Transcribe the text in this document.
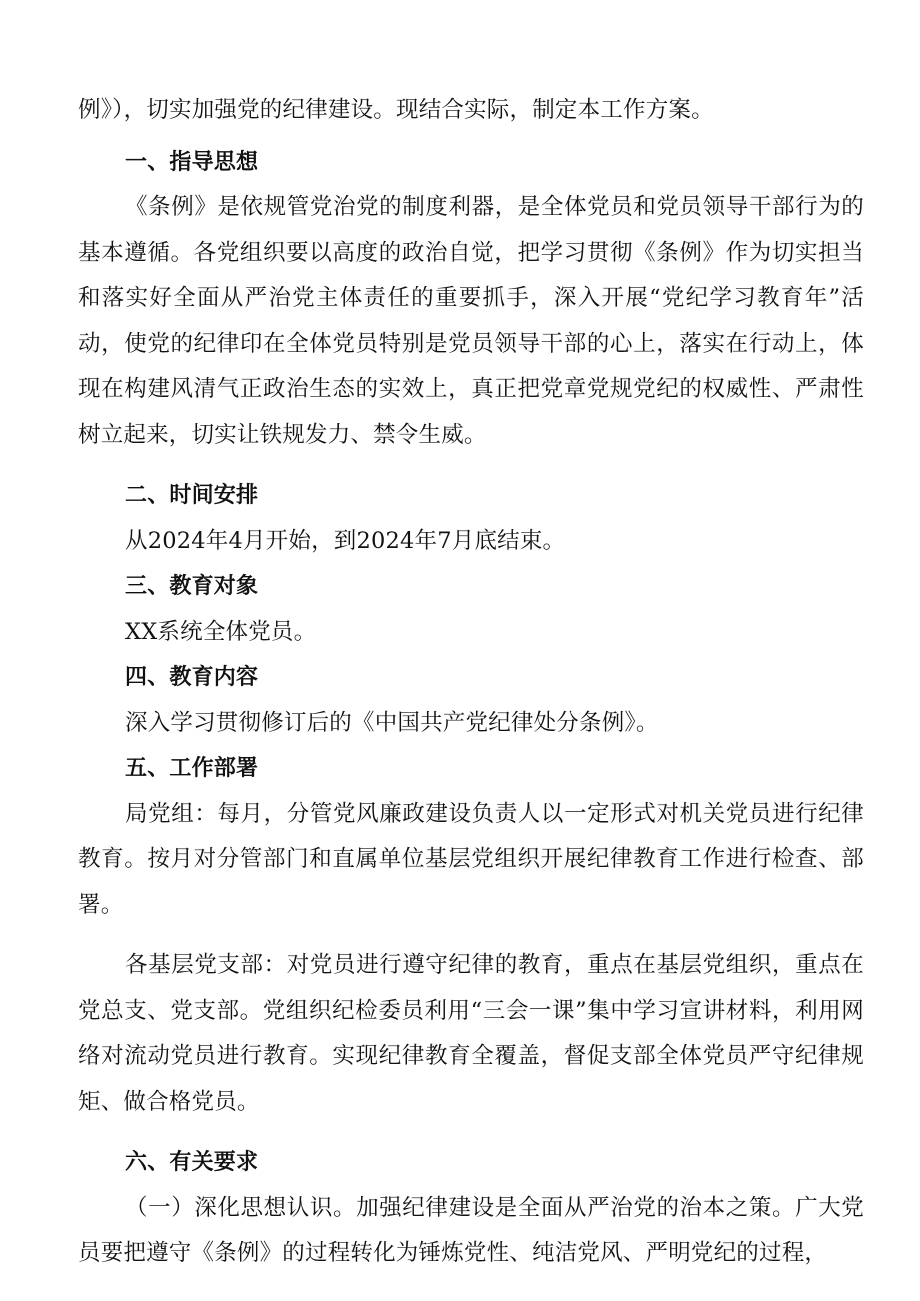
例》），切实加强党的纪律建设。现结合实际，制定本工作方案。

一、指导思想

《条例》是依规管党治党的制度利器，是全体党员和党员领导干部行为的基本遵循。各党组织要以高度的政治自觉，把学习贯彻《条例》作为切实担当和落实好全面从严治党主体责任的重要抓手，深入开展“党纪学习教育年”活动，使党的纪律印在全体党员特别是党员领导干部的心上，落实在行动上，体现在构建风清气正政治生态的实效上，真正把党章党规党纪的权威性、严肃性树立起来，切实让铁规发力、禁令生威。

二、时间安排

从2024年4月开始，到2024年7月底结束。

三、教育对象

XX系统全体党员。

四、教育内容

深入学习贯彻修订后的《中国共产党纪律处分条例》。

五、工作部署

局党组：每月，分管党风廉政建设负责人以一定形式对机关党员进行纪律教育。按月对分管部门和直属单位基层党组织开展纪律教育工作进行检查、部署。

各基层党支部：对党员进行遵守纪律的教育，重点在基层党组织，重点在党总支、党支部。党组织纪检委员利用“三会一课”集中学习宣讲材料，利用网络对流动党员进行教育。实现纪律教育全覆盖，督促支部全体党员严守纪律规矩、做合格党员。

六、有关要求

（一）深化思想认识。加强纪律建设是全面从严治党的治本之策。广大党员要把遵守《条例》的过程转化为锤炼党性、纯洁党风、严明党纪的过程，
